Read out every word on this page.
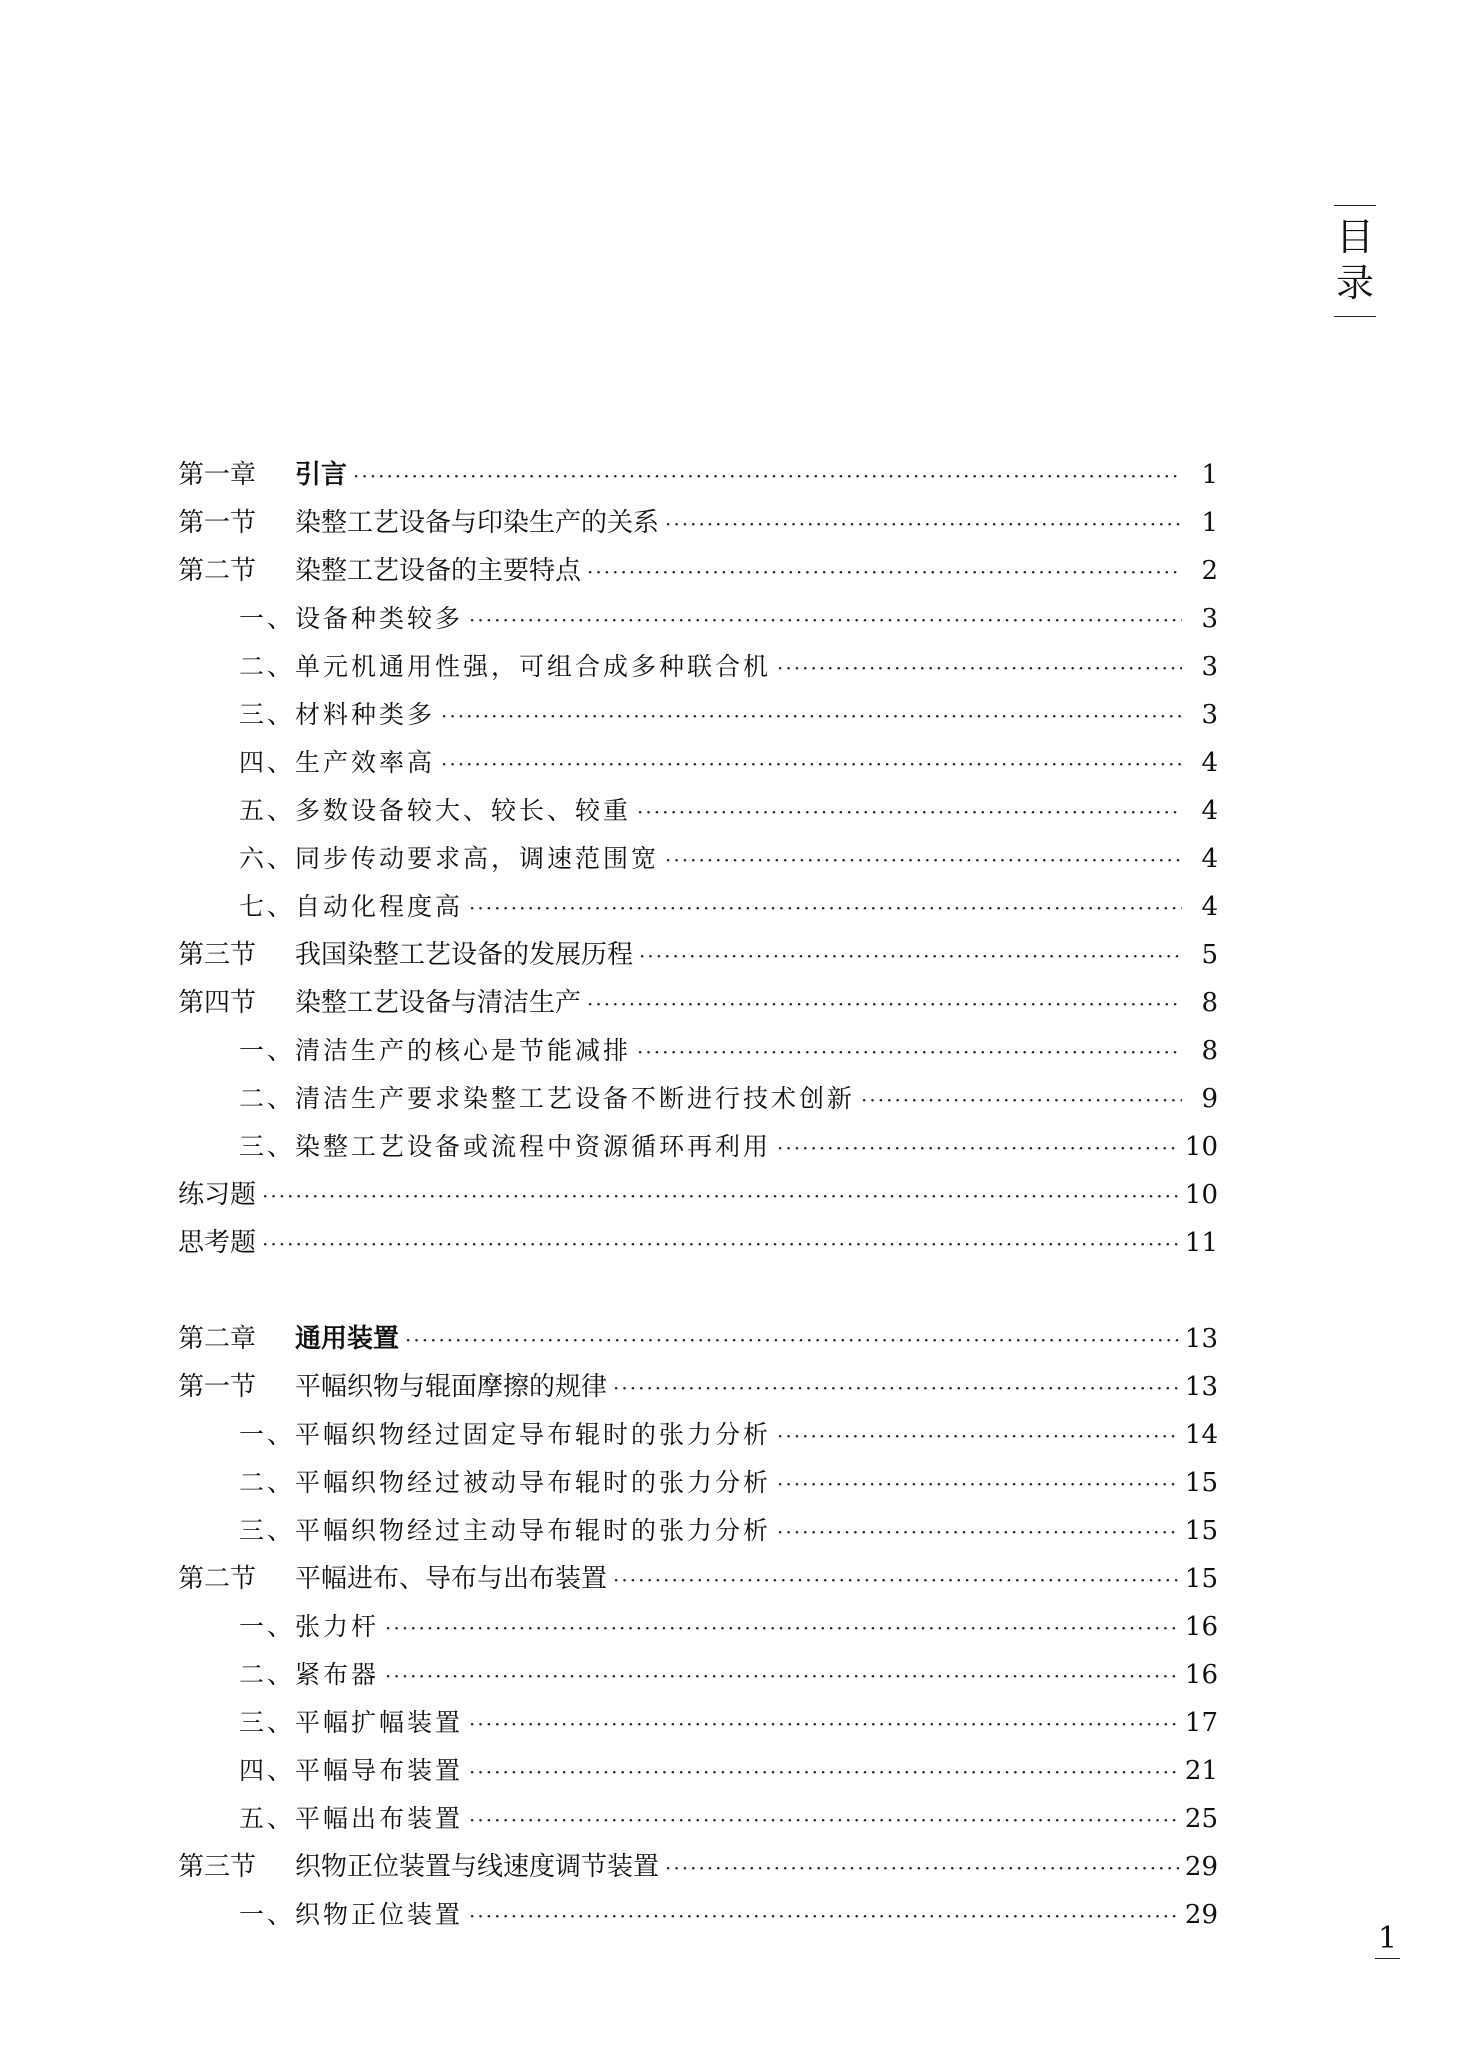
目
录
第一章	引言 ·····	1
第一节	染整工艺设备与印染生产的关系 ·····	1
第二节	染整工艺设备的主要特点 ·····	2
一、设备种类较多 ·····	3
二、单元机通用性强，可组合成多种联合机 ·····	3
三、材料种类多 ·····	3
四、生产效率高 ·····	4
五、多数设备较大、较长、较重 ·····	4
六、同步传动要求高，调速范围宽 ·····	4
七、自动化程度高 ·····	4
第三节	我国染整工艺设备的发展历程 ·····	5
第四节	染整工艺设备与清洁生产 ·····	8
一、清洁生产的核心是节能减排 ·····	8
二、清洁生产要求染整工艺设备不断进行技术创新 ·····	9
三、染整工艺设备或流程中资源循环再利用 ·····	10
练习题 ·····	10
思考题 ·····	11
第二章	通用装置 ·····	13
第一节	平幅织物与辊面摩擦的规律 ·····	13
一、平幅织物经过固定导布辊时的张力分析 ·····	14
二、平幅织物经过被动导布辊时的张力分析 ·····	15
三、平幅织物经过主动导布辊时的张力分析 ·····	15
第二节	平幅进布、导布与出布装置 ·····	15
一、张力杆 ·····	16
二、紧布器 ·····	16
三、平幅扩幅装置 ·····	17
四、平幅导布装置 ·····	21
五、平幅出布装置 ·····	25
第三节	织物正位装置与线速度调节装置 ·····	29
一、织物正位装置 ·····	29
1
